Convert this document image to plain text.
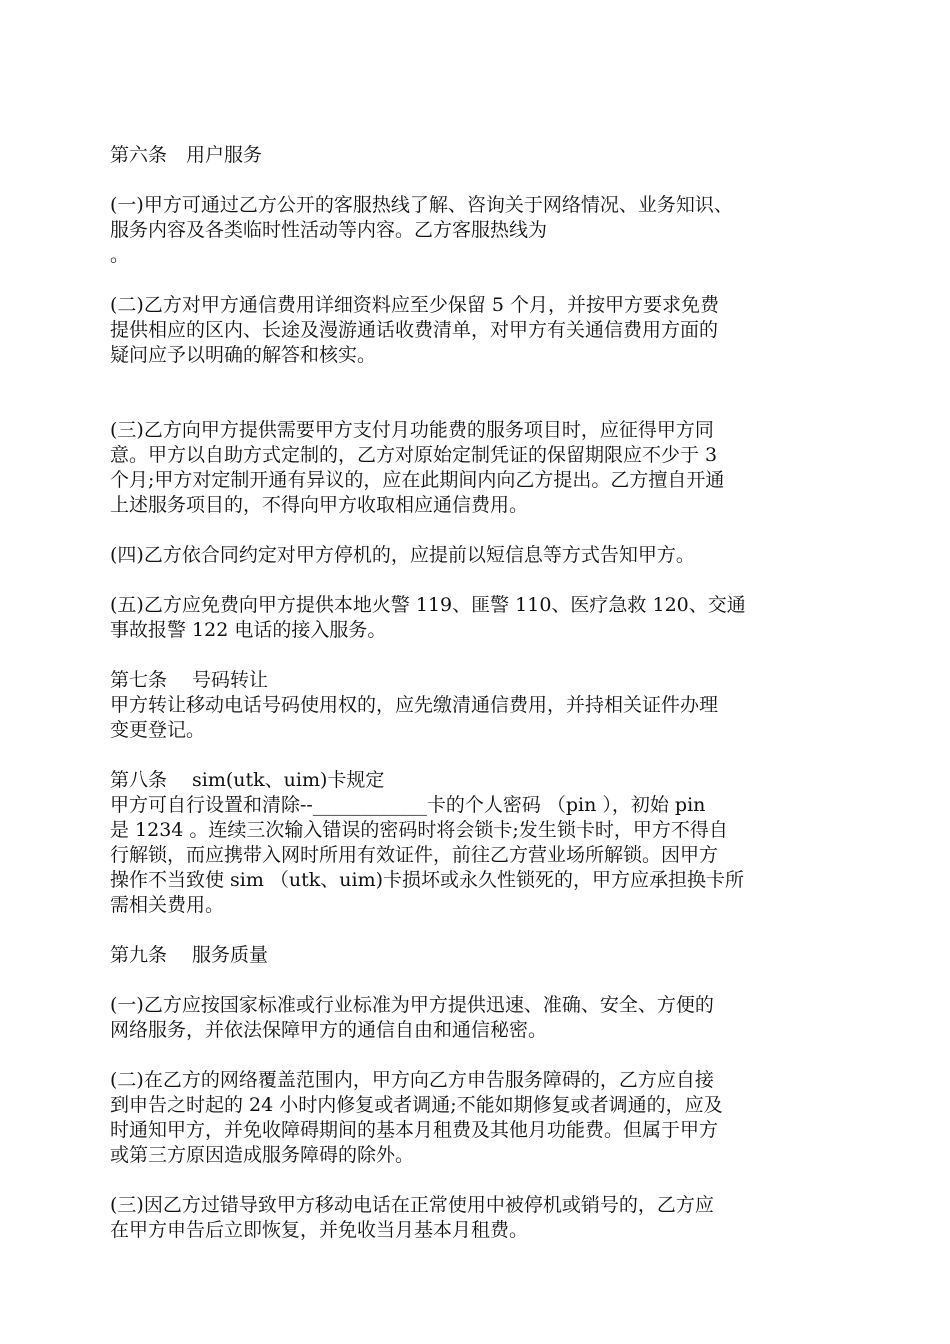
第六条　用户服务
(一)甲方可通过乙方公开的客服热线了解、咨询关于网络情况、业务知识、
服务内容及各类临时性活动等内容。乙方客服热线为
。
(二)乙方对甲方通信费用详细资料应至少保留 5 个月，并按甲方要求免费
提供相应的区内、长途及漫游通话收费清单，对甲方有关通信费用方面的
疑问应予以明确的解答和核实。
(三)乙方向甲方提供需要甲方支付月功能费的服务项目时，应征得甲方同
意。甲方以自助方式定制的，乙方对原始定制凭证的保留期限应不少于 3
个月;甲方对定制开通有异议的，应在此期间内向乙方提出。乙方擅自开通
上述服务项目的，不得向甲方收取相应通信费用。
(四)乙方依合同约定对甲方停机的，应提前以短信息等方式告知甲方。
(五)乙方应免费向甲方提供本地火警 119、匪警 110、医疗急救 120、交通
事故报警 122 电话的接入服务。
第七条　 号码转让
甲方转让移动电话号码使用权的，应先缴清通信费用，并持相关证件办理
变更登记。
第八条　 sim(utk、uim)卡规定
甲方可自行设置和清除--____________卡的个人密码 （pin ），初始 pin
是 1234 。连续三次输入错误的密码时将会锁卡;发生锁卡时，甲方不得自
行解锁，而应携带入网时所用有效证件，前往乙方营业场所解锁。因甲方
操作不当致使 sim （utk、uim)卡损坏或永久性锁死的，甲方应承担换卡所
需相关费用。
第九条　 服务质量
(一)乙方应按国家标准或行业标准为甲方提供迅速、准确、安全、方便的
网络服务，并依法保障甲方的通信自由和通信秘密。
(二)在乙方的网络覆盖范围内，甲方向乙方申告服务障碍的，乙方应自接
到申告之时起的 24 小时内修复或者调通;不能如期修复或者调通的，应及
时通知甲方，并免收障碍期间的基本月租费及其他月功能费。但属于甲方
或第三方原因造成服务障碍的除外。
(三)因乙方过错导致甲方移动电话在正常使用中被停机或销号的，乙方应
在甲方申告后立即恢复，并免收当月基本月租费。
